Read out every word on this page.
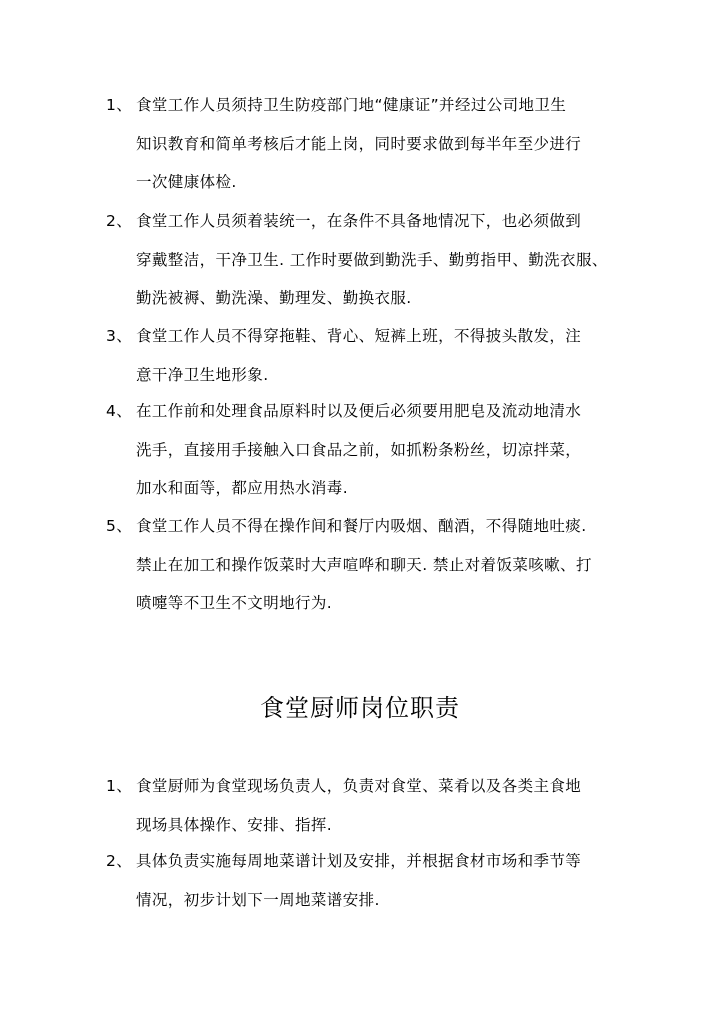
1、 食堂工作人员须持卫生防疫部门地“健康证”并经过公司地卫生
知识教育和简单考核后才能上岗，同时要求做到每半年至少进行
一次健康体检.
2、 食堂工作人员须着装统一，在条件不具备地情况下，也必须做到
穿戴整洁，干净卫生. 工作时要做到勤洗手、勤剪指甲、勤洗衣服、
勤洗被褥、勤洗澡、勤理发、勤换衣服.
3、 食堂工作人员不得穿拖鞋、背心、短裤上班，不得披头散发，注
意干净卫生地形象.
4、 在工作前和处理食品原料时以及便后必须要用肥皂及流动地清水
洗手，直接用手接触入口食品之前，如抓粉条粉丝，切凉拌菜，
加水和面等，都应用热水消毒.
5、 食堂工作人员不得在操作间和餐厅内吸烟、酗酒，不得随地吐痰.
禁止在加工和操作饭菜时大声喧哗和聊天. 禁止对着饭菜咳嗽、打
喷嚏等不卫生不文明地行为.
食堂厨师岗位职责
1、 食堂厨师为食堂现场负责人，负责对食堂、菜肴以及各类主食地
现场具体操作、安排、指挥.
2、 具体负责实施每周地菜谱计划及安排，并根据食材市场和季节等
情况，初步计划下一周地菜谱安排.
